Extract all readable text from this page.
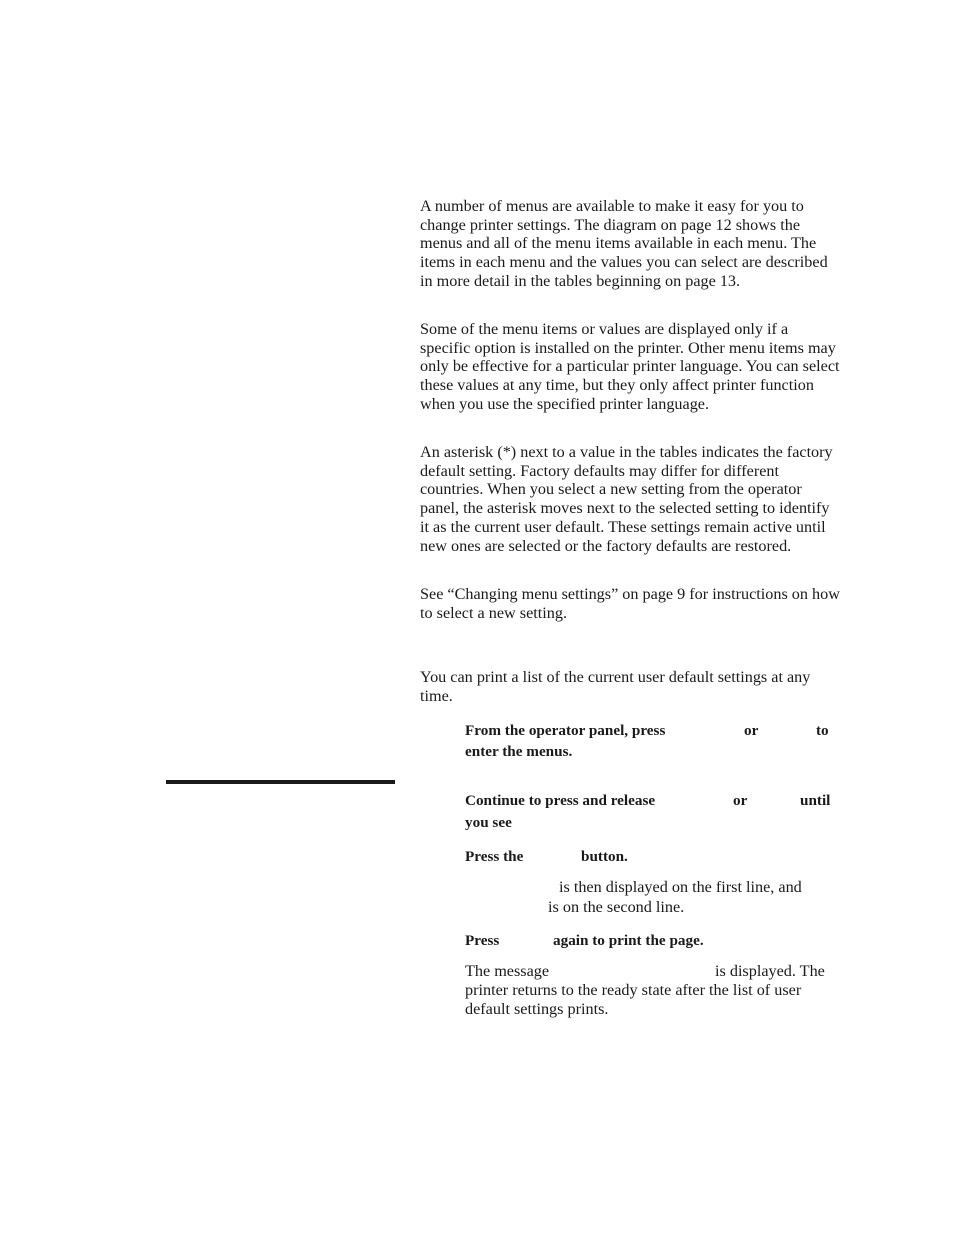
A number of menus are available to make it easy for you to change printer settings. The diagram on page 12 shows the menus and all of the menu items available in each menu. The items in each menu and the values you can select are described in more detail in the tables beginning on page 13.

Some of the menu items or values are displayed only if a specific option is installed on the printer. Other menu items may only be effective for a particular printer language. You can select these values at any time, but they only affect printer function when you use the specified printer language.

An asterisk (*) next to a value in the tables indicates the factory default setting. Factory defaults may differ for different countries. When you select a new setting from the operator panel, the asterisk moves next to the selected setting to identify it as the current user default. These settings remain active until new ones are selected or the factory defaults are restored.

See “Changing menu settings” on page 9 for instructions on how to select a new setting.

You can print a list of the current user default settings at any time.

From the operator panel, press	or	to
enter the menus.
Continue to press and release	or	until
you see
Press the	button.
is then displayed on the first line, and
is on the second line.
Press	again to print the page.
The message	is displayed. The
printer returns to the ready state after the list of user
default settings prints.
